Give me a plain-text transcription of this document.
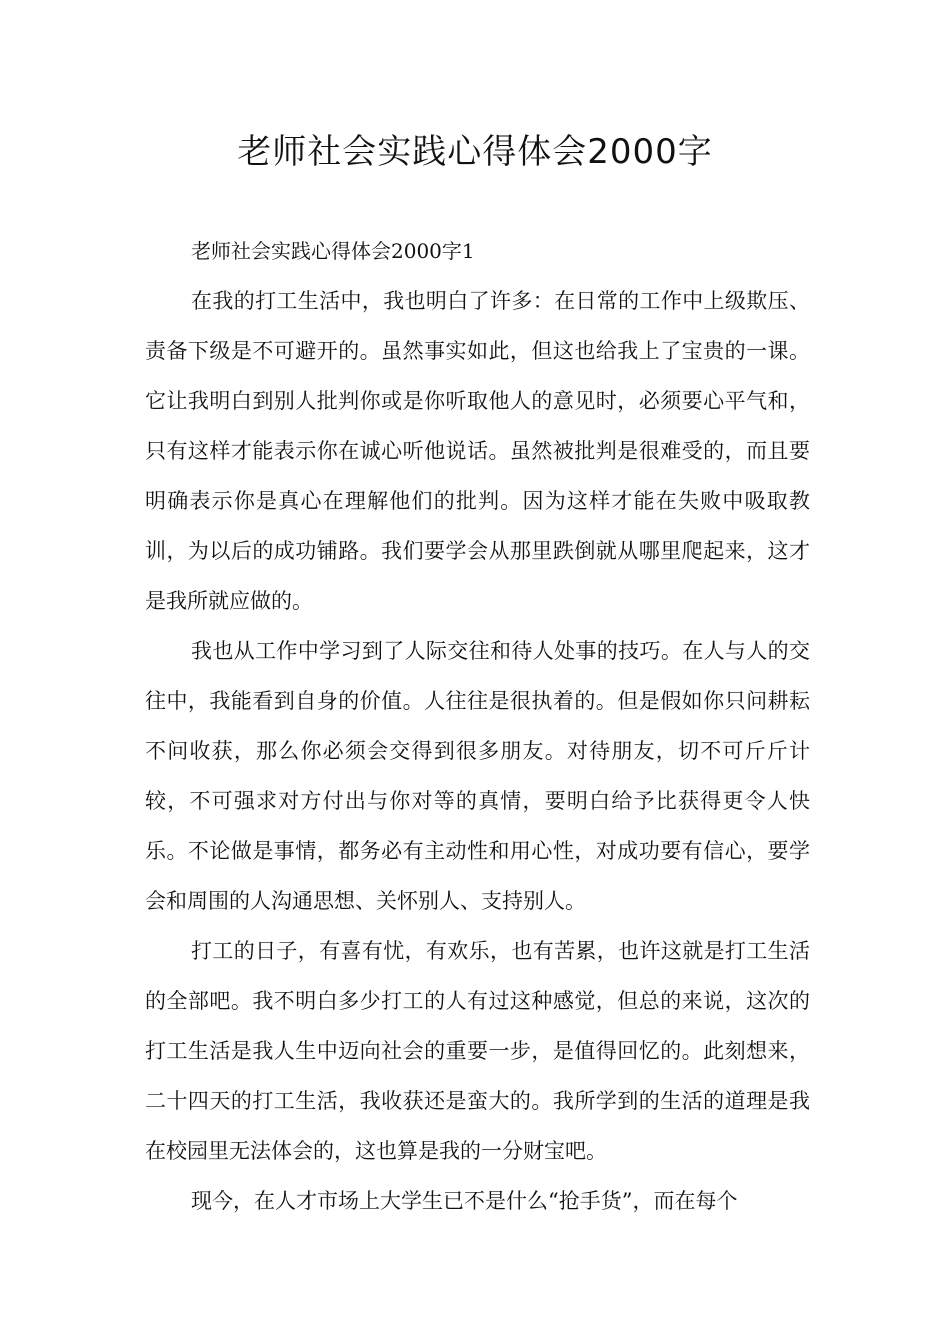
老师社会实践心得体会2000字

老师社会实践心得体会2000字1

在我的打工生活中，我也明白了许多：在日常的工作中上级欺压、责备下级是不可避开的。虽然事实如此，但这也给我上了宝贵的一课。它让我明白到别人批判你或是你听取他人的意见时，必须要心平气和，只有这样才能表示你在诚心听他说话。虽然被批判是很难受的，而且要明确表示你是真心在理解他们的批判。因为这样才能在失败中吸取教训，为以后的成功铺路。我们要学会从那里跌倒就从哪里爬起来，这才是我所就应做的。

我也从工作中学习到了人际交往和待人处事的技巧。在人与人的交往中，我能看到自身的价值。人往往是很执着的。但是假如你只问耕耘不问收获，那么你必须会交得到很多朋友。对待朋友，切不可斤斤计较，不可强求对方付出与你对等的真情，要明白给予比获得更令人快乐。不论做是事情，都务必有主动性和用心性，对成功要有信心，要学会和周围的人沟通思想、关怀别人、支持别人。

打工的日子，有喜有忧，有欢乐，也有苦累，也许这就是打工生活的全部吧。我不明白多少打工的人有过这种感觉，但总的来说，这次的打工生活是我人生中迈向社会的重要一步，是值得回忆的。此刻想来，二十四天的打工生活，我收获还是蛮大的。我所学到的生活的道理是我在校园里无法体会的，这也算是我的一分财宝吧。

现今，在人才市场上大学生已不是什么“抢手货”，而在每个
